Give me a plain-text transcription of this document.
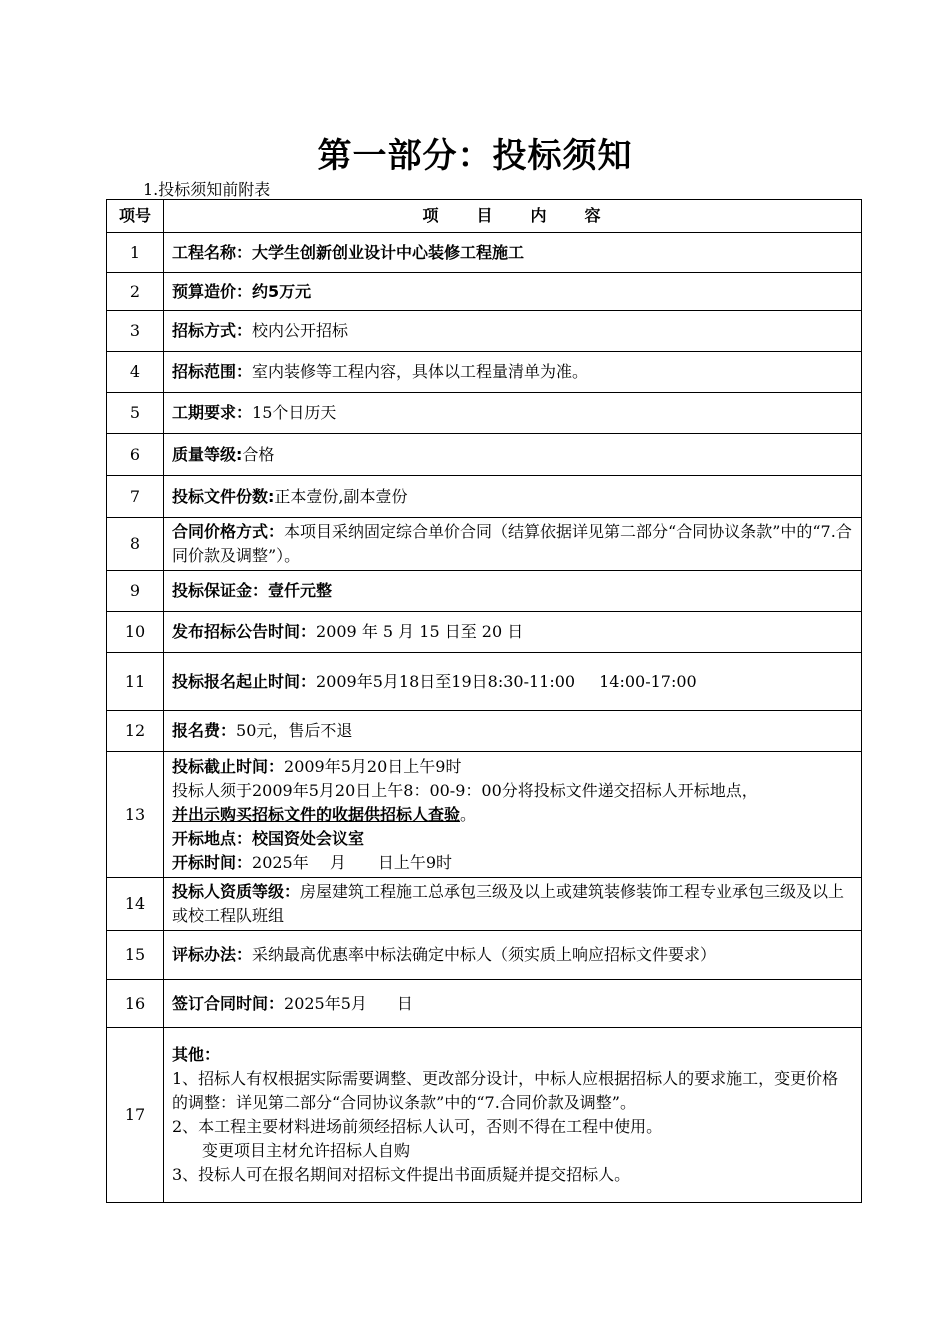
第一部分：投标须知
1.投标须知前附表
项号	项　　目　　内　　容
1	工程名称：大学生创新创业设计中心装修工程施工
2	预算造价：约5万元
3	招标方式：校内公开招标
4	招标范围：室内装修等工程内容，具体以工程量清单为准。
5	工期要求：15个日历天
6	质量等级:合格
7	投标文件份数:正本壹份,副本壹份
8	合同价格方式：本项目采纳固定综合单价合同（结算依据详见第二部分“合同协议条款”中的“7.合同价款及调整”）。
9	投标保证金：壹仟元整
10	发布招标公告时间：2009 年 5 月 15 日至 20 日
11	投标报名起止时间：2009年5月18日至19日8:30-11:00 14:00-17:00
12	报名费：50元，售后不退
13	投标截止时间：2009年5月20日上午9时
投标人须于2009年5月20日上午8：00-9：00分将投标文件递交招标人开标地点，
并出示购买招标文件的收据供招标人查验。
开标地点：校国资处会议室
开标时间：2025年　 月　　日上午9时

14	投标人资质等级：房屋建筑工程施工总承包三级及以上或建筑装修装饰工程专业承包三级及以上或校工程队班组
15	评标办法：采纳最高优惠率中标法确定中标人（须实质上响应招标文件要求）
16	签订合同时间：2025年5月 日
17	其他：
1、招标人有权根据实际需要调整、更改部分设计，中标人应根据招标人的要求施工，变更价格的调整：详见第二部分“合同协议条款”中的“7.合同价款及调整”。
2、本工程主要材料进场前须经招标人认可，否则不得在工程中使用。
变更项目主材允许招标人自购
3、投标人可在报名期间对招标文件提出书面质疑并提交招标人。
